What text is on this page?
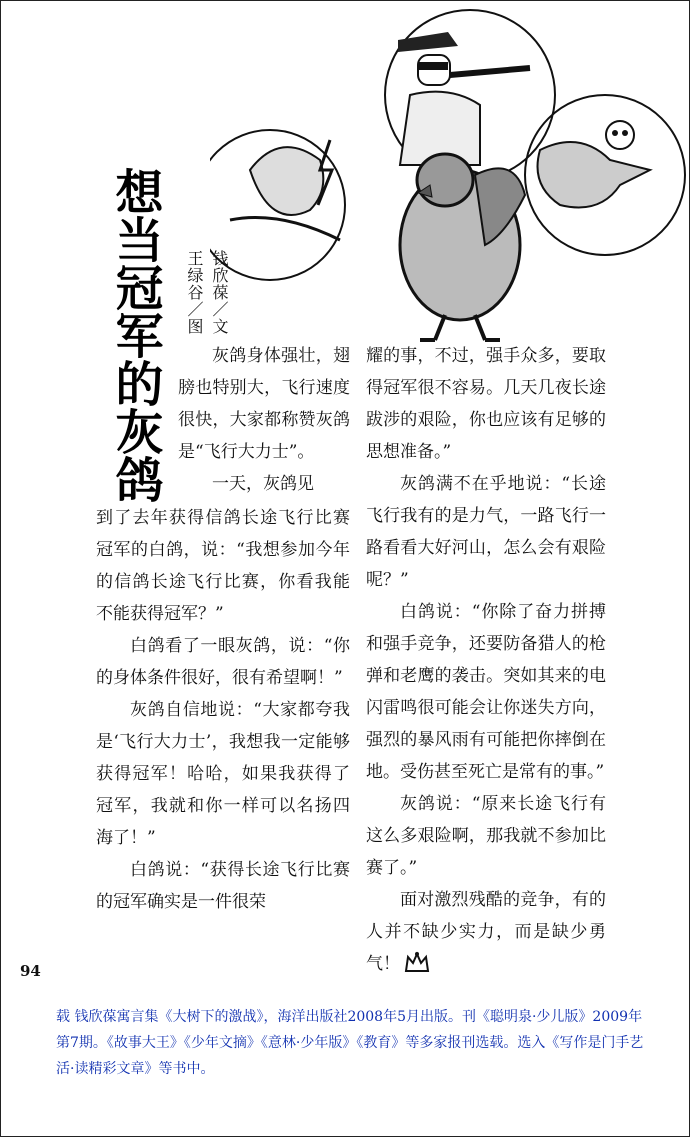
想当冠军的灰鸽	钱欣葆／文
王绿谷／图

灰鸽身体强壮，翅膀也特别大，飞行速度很快，大家都称赞灰鸽是“飞行大力士”。

一天，灰鸽见

到了去年获得信鸽长途飞行比赛冠军的白鸽，说：“我想参加今年的信鸽长途飞行比赛，你看我能不能获得冠军？”

白鸽看了一眼灰鸽，说：“你的身体条件很好，很有希望啊！”

灰鸽自信地说：“大家都夸我是‘飞行大力士’，我想我一定能够获得冠军！哈哈，如果我获得了冠军，我就和你一样可以名扬四海了！”

白鸽说：“获得长途飞行比赛的冠军确实是一件很荣

耀的事，不过，强手众多，要取得冠军很不容易。几天几夜长途跋涉的艰险，你也应该有足够的思想准备。”

灰鸽满不在乎地说：“长途飞行我有的是力气，一路飞行一路看看大好河山，怎么会有艰险呢？”

白鸽说：“你除了奋力拼搏和强手竞争，还要防备猎人的枪弹和老鹰的袭击。突如其来的电闪雷鸣很可能会让你迷失方向，强烈的暴风雨有可能把你摔倒在地。受伤甚至死亡是常有的事。”

灰鸽说：“原来长途飞行有这么多艰险啊，那我就不参加比赛了。”

面对激烈残酷的竞争，有的人并不缺少实力，而是缺少勇气！

94
载 钱欣葆寓言集《大树下的激战》，海洋出版社2008年5月出版。刊《聪明泉·少儿版》2009年第7期。《故事大王》《少年文摘》《意林·少年版》《教育》等多家报刊选载。选入《写作是门手艺活·读精彩文章》等书中。
